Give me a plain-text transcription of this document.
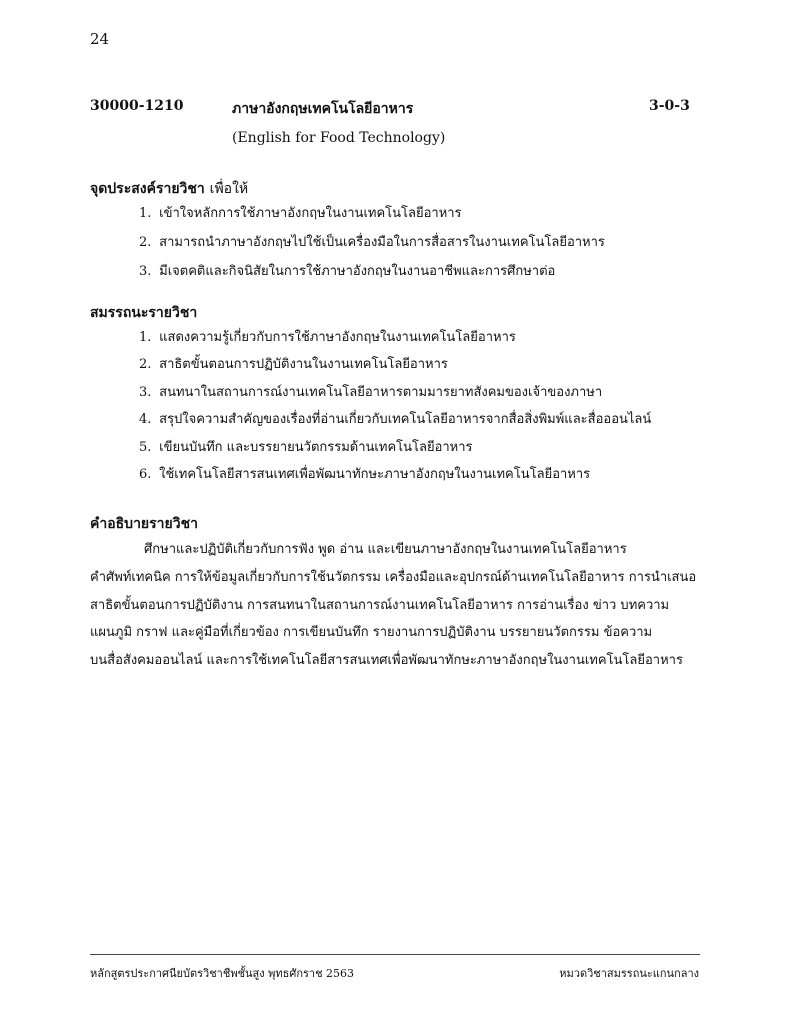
24
30000-1210	ภาษาอังกฤษเทคโนโลยีอาหาร	3-0-3
(English for Food Technology)
จุดประสงค์รายวิชา เพื่อให้
1. เข้าใจหลักการใช้ภาษาอังกฤษในงานเทคโนโลยีอาหาร
2. สามารถนำภาษาอังกฤษไปใช้เป็นเครื่องมือในการสื่อสารในงานเทคโนโลยีอาหาร
3. มีเจตคติและกิจนิสัยในการใช้ภาษาอังกฤษในงานอาชีพและการศึกษาต่อ
สมรรถนะรายวิชา
1. แสดงความรู้เกี่ยวกับการใช้ภาษาอังกฤษในงานเทคโนโลยีอาหาร
2. สาธิตขั้นตอนการปฏิบัติงานในงานเทคโนโลยีอาหาร
3. สนทนาในสถานการณ์งานเทคโนโลยีอาหารตามมารยาทสังคมของเจ้าของภาษา
4. สรุปใจความสำคัญของเรื่องที่อ่านเกี่ยวกับเทคโนโลยีอาหารจากสื่อสิ่งพิมพ์และสื่อออนไลน์
5. เขียนบันทึก และบรรยายนวัตกรรมด้านเทคโนโลยีอาหาร
6. ใช้เทคโนโลยีสารสนเทศเพื่อพัฒนาทักษะภาษาอังกฤษในงานเทคโนโลยีอาหาร
คำอธิบายรายวิชา
ศึกษาและปฏิบัติเกี่ยวกับการฟัง พูด อ่าน และเขียนภาษาอังกฤษในงานเทคโนโลยีอาหาร
คำศัพท์เทคนิค การให้ข้อมูลเกี่ยวกับการใช้นวัตกรรม เครื่องมือและอุปกรณ์ด้านเทคโนโลยีอาหาร การนำเสนอ
สาธิตขั้นตอนการปฏิบัติงาน การสนทนาในสถานการณ์งานเทคโนโลยีอาหาร การอ่านเรื่อง ข่าว บทความ
แผนภูมิ กราฟ และคู่มือที่เกี่ยวข้อง การเขียนบันทึก รายงานการปฏิบัติงาน บรรยายนวัตกรรม ข้อความ
บนสื่อสังคมออนไลน์ และการใช้เทคโนโลยีสารสนเทศเพื่อพัฒนาทักษะภาษาอังกฤษในงานเทคโนโลยีอาหาร
หลักสูตรประกาศนียบัตรวิชาชีพชั้นสูง พุทธศักราช 2563	หมวดวิชาสมรรถนะแกนกลาง
